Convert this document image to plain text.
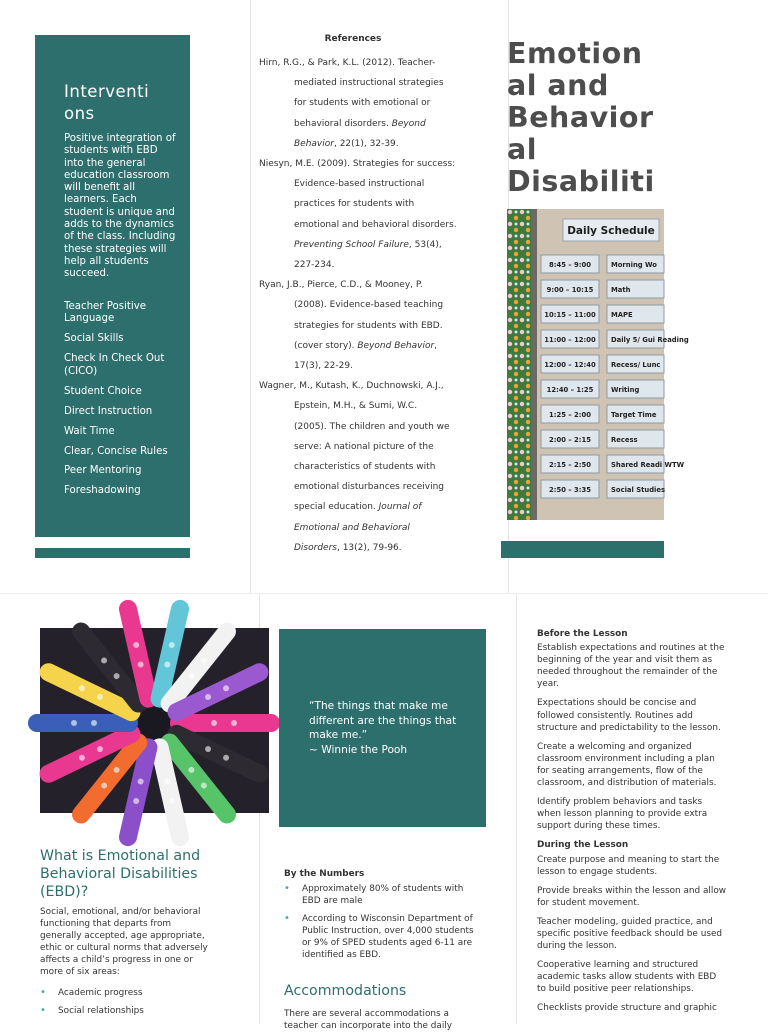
Interventi ons
Positive integration of students with EBD into the general education classroom will benefit all learners. Each student is unique and adds to the dynamics of the class. Including these strategies will help all students succeed.
Teacher Positive Language
Social Skills
Check In Check Out (CICO)
Student Choice
Direct Instruction
Wait Time
Clear, Concise Rules
Peer Mentoring
Foreshadowing
References
Hirn, R.G., & Park, K.L. (2012). Teacher-
mediated instructional strategies
for students with emotional or
behavioral disorders. Beyond
Behavior, 22(1), 32-39.
Niesyn, M.E. (2009). Strategies for success:
Evidence-based instructional
practices for students with
emotional and behavioral disorders.
Preventing School Failure, 53(4),
227-234.
Ryan, J.B., Pierce, C.D., & Mooney, P.
(2008). Evidence-based teaching
strategies for students with EBD.
(cover story). Beyond Behavior,
17(3), 22-29.
Wagner, M., Kutash, K., Duchnowski, A.J.,
Epstein, M.H., & Sumi, W.C.
(2005). The children and youth we
serve: A national picture of the
characteristics of students with
emotional disturbances receiving
special education. Journal of
Emotional and Behavioral
Disorders, 13(2), 79-96.
Emotion
al and
Behavior
al
Disabiliti
Daily Schedule
8:45 – 9:00	Morning Wo
9:00 – 10:15	Math
10:15 – 11:00 MAPE
11:00 – 12:00 Daily 5/ Gui Reading
12:00 – 12:40 Recess/ Lunc
12:40 – 1:25	Writing
1:25 – 2:00	Target Time
2:00 – 2:15	Recess
2:15 – 2:50	Shared Readi WTW
2:50 – 3:35	Social Studies
“The things that make me different are the things that make me.”
~ Winnie the Pooh
What is Emotional and Behavioral Disabilities (EBD)?
Social, emotional, and/or behavioral functioning that departs from generally accepted, age appropriate, ethic or cultural norms that adversely affects a child’s progress in one or more of six areas:
• Academic progress
• Social relationships
By the Numbers
• Approximately 80% of students with EBD are male
• According to Wisconsin Department of Public Instruction, over 4,000 students or 9% of SPED students aged 6-11 are identified as EBD.
Accommodations
There are several accommodations a teacher can incorporate into the daily
Before the Lesson

Establish expectations and routines at the beginning of the year and visit them as needed throughout the remainder of the year.

Expectations should be concise and followed consistently. Routines add structure and predictability to the lesson.

Create a welcoming and organized classroom environment including a plan for seating arrangements, flow of the classroom, and distribution of materials.

Identify problem behaviors and tasks when lesson planning to provide extra support during these times.

During the Lesson

Create purpose and meaning to start the lesson to engage students.

Provide breaks within the lesson and allow for student movement.

Teacher modeling, guided practice, and specific positive feedback should be used during the lesson.

Cooperative learning and structured academic tasks allow students with EBD to build positive peer relationships.

Checklists provide structure and graphic
